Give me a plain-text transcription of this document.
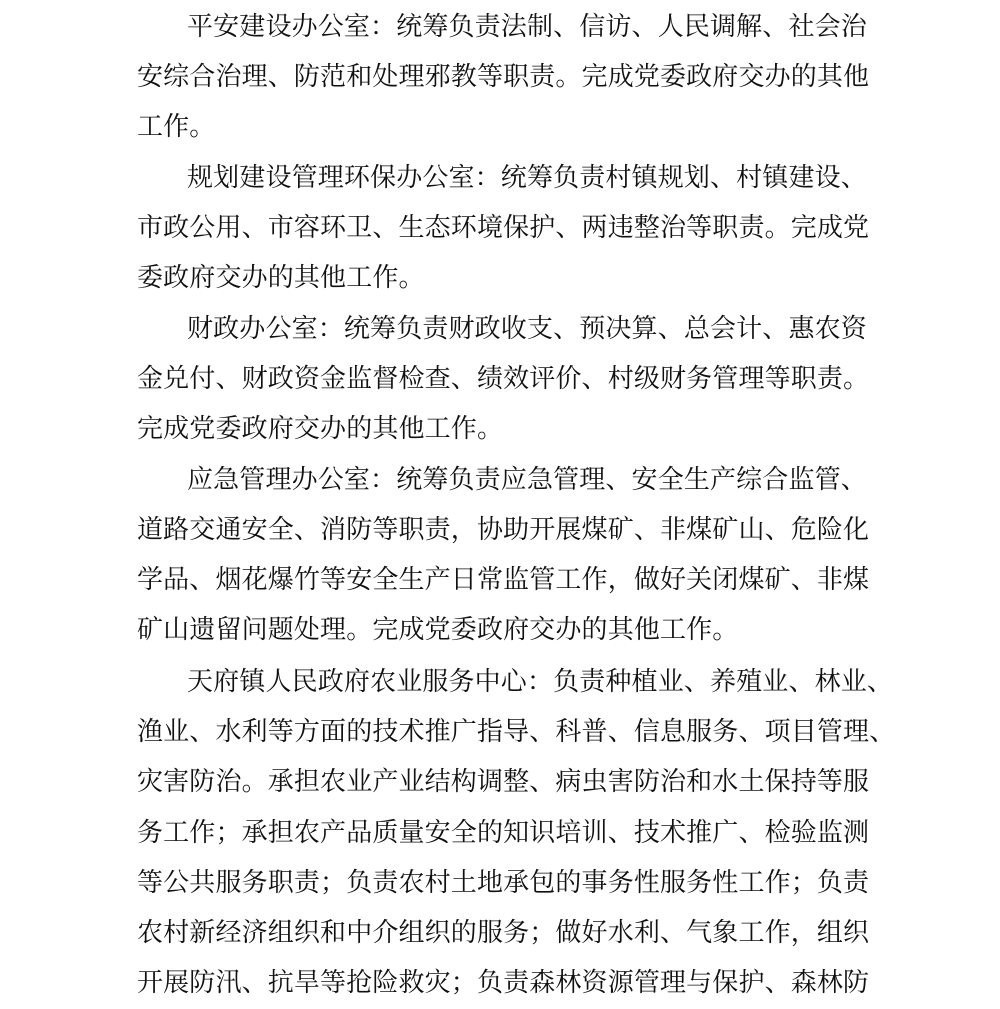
平安建设办公室：统筹负责法制、信访、人民调解、社会治
安综合治理、防范和处理邪教等职责。完成党委政府交办的其他
工作。
规划建设管理环保办公室：统筹负责村镇规划、村镇建设、
市政公用、市容环卫、生态环境保护、两违整治等职责。完成党
委政府交办的其他工作。
财政办公室：统筹负责财政收支、预决算、总会计、惠农资
金兑付、财政资金监督检查、绩效评价、村级财务管理等职责。
完成党委政府交办的其他工作。
应急管理办公室：统筹负责应急管理、安全生产综合监管、
道路交通安全、消防等职责，协助开展煤矿、非煤矿山、危险化
学品、烟花爆竹等安全生产日常监管工作，做好关闭煤矿、非煤
矿山遗留问题处理。完成党委政府交办的其他工作。
天府镇人民政府农业服务中心：负责种植业、养殖业、林业、
渔业、水利等方面的技术推广指导、科普、信息服务、项目管理、
灾害防治。承担农业产业结构调整、病虫害防治和水土保持等服
务工作；承担农产品质量安全的知识培训、技术推广、检验监测
等公共服务职责；负责农村土地承包的事务性服务性工作；负责
农村新经济组织和中介组织的服务；做好水利、气象工作，组织
开展防汛、抗旱等抢险救灾；负责森林资源管理与保护、森林防
